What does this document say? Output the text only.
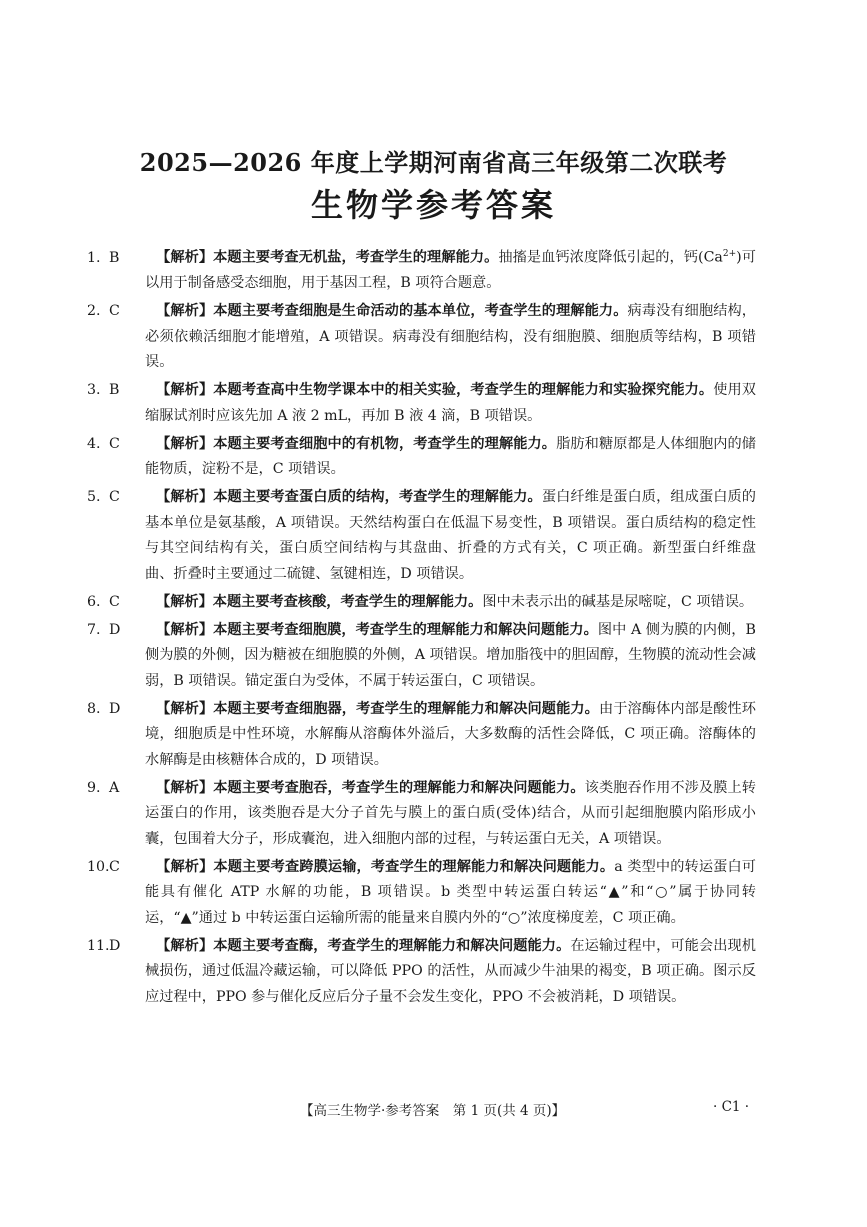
2025—2026 年度上学期河南省高三年级第二次联考
生物学参考答案
1. B	【解析】本题主要考查无机盐，考查学生的理解能力。抽搐是血钙浓度降低引起的，钙$(Ca^{2+})$可以用于制备感受态细胞，用于基因工程，B 项符合题意。
2. C	【解析】本题主要考查细胞是生命活动的基本单位，考查学生的理解能力。病毒没有细胞结构，必须依赖活细胞才能增殖，A 项错误。病毒没有细胞结构，没有细胞膜、细胞质等结构，B 项错误。
3. B	【解析】本题考查高中生物学课本中的相关实验，考查学生的理解能力和实验探究能力。使用双缩脲试剂时应该先加 A 液 2 mL，再加 B 液 4 滴，B 项错误。
4. C	【解析】本题主要考查细胞中的有机物，考查学生的理解能力。脂肪和糖原都是人体细胞内的储能物质，淀粉不是，C 项错误。
5. C	【解析】本题主要考查蛋白质的结构，考查学生的理解能力。蛋白纤维是蛋白质，组成蛋白质的基本单位是氨基酸，A 项错误。天然结构蛋白在低温下易变性，B 项错误。蛋白质结构的稳定性与其空间结构有关，蛋白质空间结构与其盘曲、折叠的方式有关，C 项正确。新型蛋白纤维盘曲、折叠时主要通过二硫键、氢键相连，D 项错误。
6. C	【解析】本题主要考查核酸，考查学生的理解能力。图中未表示出的碱基是尿嘧啶，C 项错误。
7. D	【解析】本题主要考查细胞膜，考查学生的理解能力和解决问题能力。图中 A 侧为膜的内侧，B 侧为膜的外侧，因为糖被在细胞膜的外侧，A 项错误。增加脂筏中的胆固醇，生物膜的流动性会减弱，B 项错误。锚定蛋白为受体，不属于转运蛋白，C 项错误。
8. D	【解析】本题主要考查细胞器，考查学生的理解能力和解决问题能力。由于溶酶体内部是酸性环境，细胞质是中性环境，水解酶从溶酶体外溢后，大多数酶的活性会降低，C 项正确。溶酶体的水解酶是由核糖体合成的，D 项错误。
9. A	【解析】本题主要考查胞吞，考查学生的理解能力和解决问题能力。该类胞吞作用不涉及膜上转运蛋白的作用，该类胞吞是大分子首先与膜上的蛋白质(受体)结合，从而引起细胞膜内陷形成小囊，包围着大分子，形成囊泡，进入细胞内部的过程，与转运蛋白无关，A 项错误。
10.C	【解析】本题主要考查跨膜运输，考查学生的理解能力和解决问题能力。a 类型中的转运蛋白可能具有催化 ATP 水解的功能，B 项错误。b 类型中转运蛋白转运“▲”和“○”属于协同转运，“▲”通过 b 中转运蛋白运输所需的能量来自膜内外的“○”浓度梯度差，C 项正确。
11.D	【解析】本题主要考查酶，考查学生的理解能力和解决问题能力。在运输过程中，可能会出现机械损伤，通过低温冷藏运输，可以降低 PPO 的活性，从而减少牛油果的褐变，B 项正确。图示反应过程中，PPO 参与催化反应后分子量不会发生变化，PPO 不会被消耗，D 项错误。
【高三生物学·参考答案　第 1 页(共 4 页)】	· C1 ·
